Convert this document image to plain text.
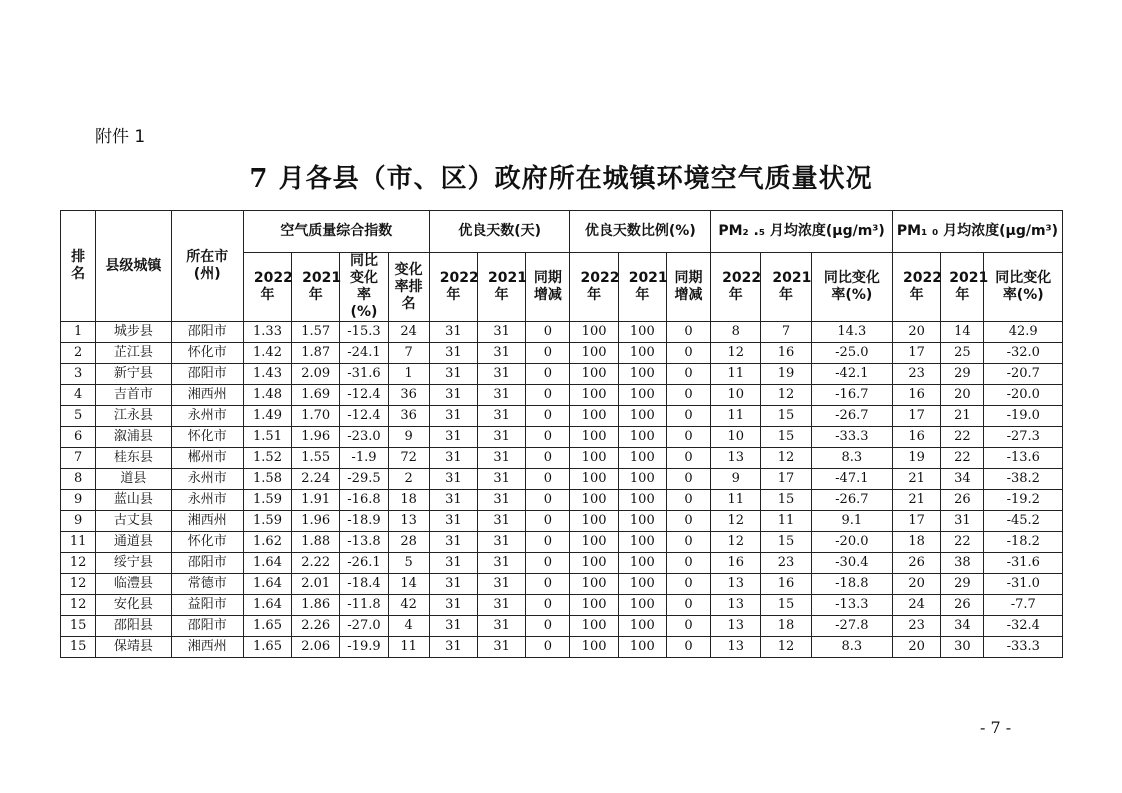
附件 1
7 月各县（市、区）政府所在城镇环境空气质量状况
排名	县级城镇	所在市(州)	空气质量综合指数				优良天数(天)			优良天数比例(%)			PM₂ .₅ 月均浓度(μg/m³)			PM₁ ₀ 月均浓度(μg/m³)		
			2022年	2021年	同比变化率(%)	变化率排名	2022年	2021年	同期增减	2022年	2021年	同期增减	2022年	2021年	同比变化率(%)	2022年	2021年	同比变化率(%)
1	城步县	邵阳市	1.33	1.57	-15.3	24	31	31	0	100	100	0	8	7	14.3	20	14	42.9
2	芷江县	怀化市	1.42	1.87	-24.1	7	31	31	0	100	100	0	12	16	-25.0	17	25	-32.0
3	新宁县	邵阳市	1.43	2.09	-31.6	1	31	31	0	100	100	0	11	19	-42.1	23	29	-20.7
4	吉首市	湘西州	1.48	1.69	-12.4	36	31	31	0	100	100	0	10	12	-16.7	16	20	-20.0
5	江永县	永州市	1.49	1.70	-12.4	36	31	31	0	100	100	0	11	15	-26.7	17	21	-19.0
6	溆浦县	怀化市	1.51	1.96	-23.0	9	31	31	0	100	100	0	10	15	-33.3	16	22	-27.3
7	桂东县	郴州市	1.52	1.55	-1.9	72	31	31	0	100	100	0	13	12	8.3	19	22	-13.6
8	道县	永州市	1.58	2.24	-29.5	2	31	31	0	100	100	0	9	17	-47.1	21	34	-38.2
9	蓝山县	永州市	1.59	1.91	-16.8	18	31	31	0	100	100	0	11	15	-26.7	21	26	-19.2
9	古丈县	湘西州	1.59	1.96	-18.9	13	31	31	0	100	100	0	12	11	9.1	17	31	-45.2
11	通道县	怀化市	1.62	1.88	-13.8	28	31	31	0	100	100	0	12	15	-20.0	18	22	-18.2
12	绥宁县	邵阳市	1.64	2.22	-26.1	5	31	31	0	100	100	0	16	23	-30.4	26	38	-31.6
12	临澧县	常德市	1.64	2.01	-18.4	14	31	31	0	100	100	0	13	16	-18.8	20	29	-31.0
12	安化县	益阳市	1.64	1.86	-11.8	42	31	31	0	100	100	0	13	15	-13.3	24	26	-7.7
15	邵阳县	邵阳市	1.65	2.26	-27.0	4	31	31	0	100	100	0	13	18	-27.8	23	34	-32.4
15	保靖县	湘西州	1.65	2.06	-19.9	11	31	31	0	100	100	0	13	12	8.3	20	30	-33.3
- 7 -
